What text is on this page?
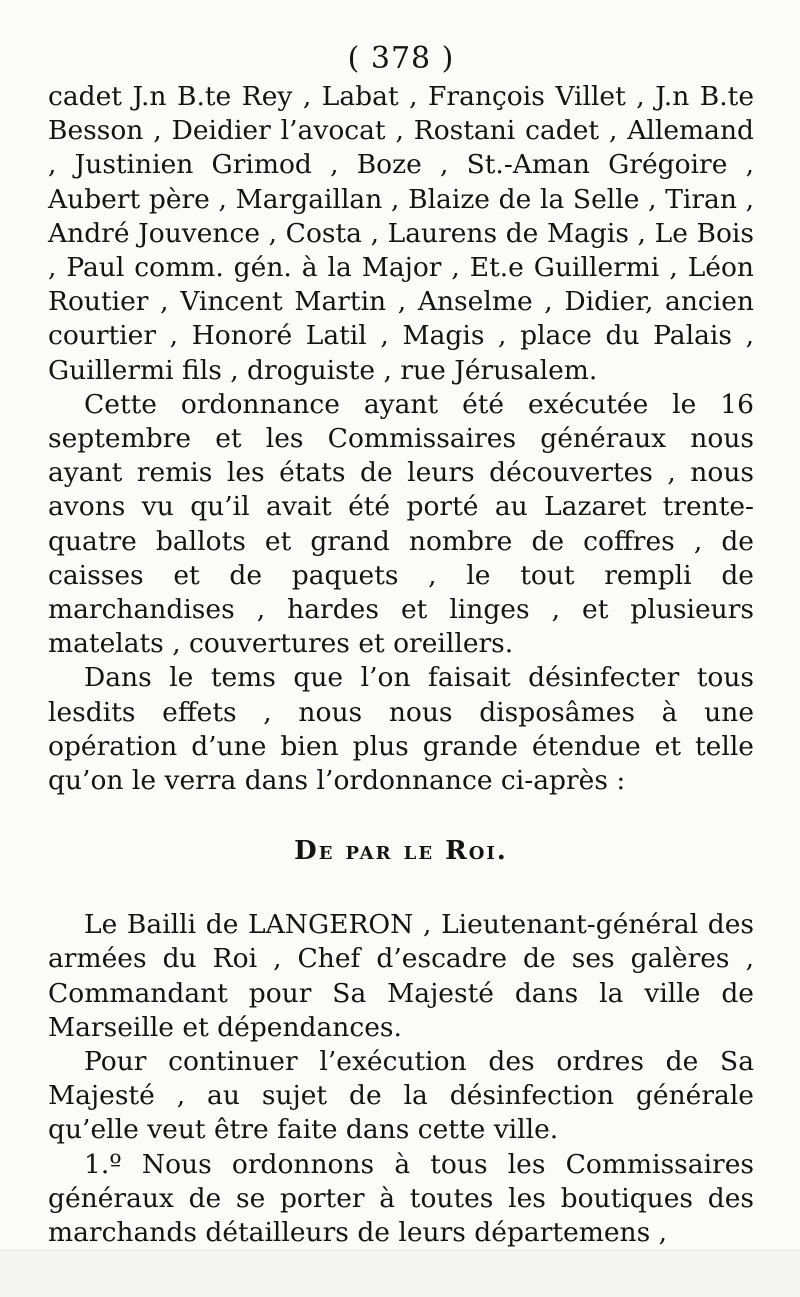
( 378 )

cadet J.n B.te Rey , Labat , François Villet , J.n B.te Besson , Deidier l’avocat , Rostani cadet , Allemand , Justinien Grimod , Boze , St.-Aman Grégoire , Aubert père , Margaillan , Blaize de la Selle , Tiran , André Jouvence , Costa , Laurens de Magis , Le Bois , Paul comm. gén. à la Major , Et.e Guillermi , Léon Routier , Vincent Martin , Anselme , Didier, ancien courtier , Honoré Latil , Magis , place du Palais , Guillermi fils , droguiste , rue Jérusalem.

Cette ordonnance ayant été exécutée le 16 septembre et les Commissaires généraux nous ayant remis les états de leurs découvertes , nous avons vu qu’il avait été porté au Lazaret trente-quatre ballots et grand nombre de coffres , de caisses et de paquets , le tout rempli de marchandises , hardes et linges , et plusieurs matelats , couvertures et oreillers.

Dans le tems que l’on faisait désinfecter tous lesdits effets , nous nous disposâmes à une opération d’une bien plus grande étendue et telle qu’on le verra dans l’ordonnance ci-après :

De par le Roi.

Le Bailli de LANGERON , Lieutenant-général des armées du Roi , Chef d’escadre de ses galères , Commandant pour Sa Majesté dans la ville de Marseille et dépendances.

Pour continuer l’exécution des ordres de Sa Majesté , au sujet de la désinfection générale qu’elle veut être faite dans cette ville.

1.º Nous ordonnons à tous les Commissaires généraux de se porter à toutes les boutiques des marchands détailleurs de leurs départemens ,
